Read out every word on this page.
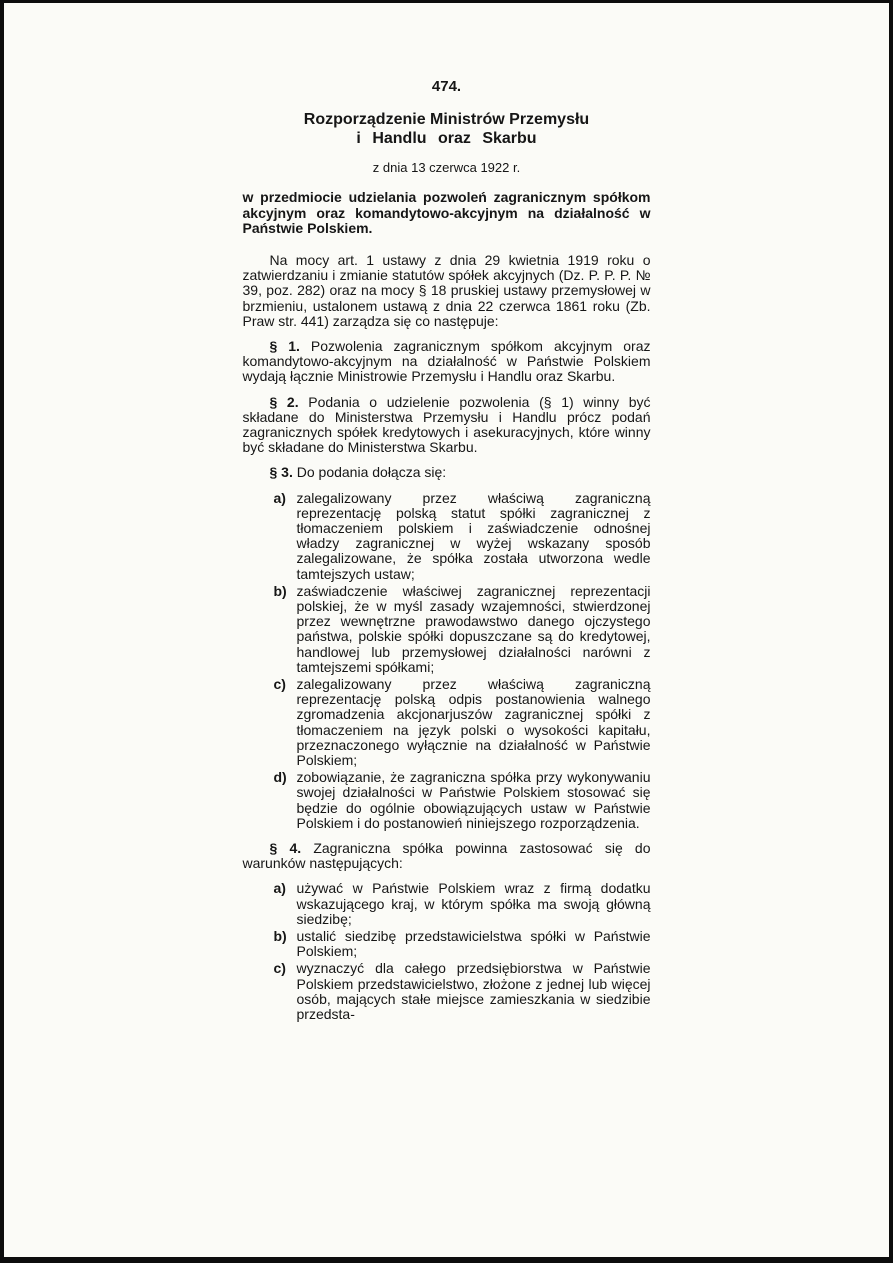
474.
Rozporządzenie Ministrów Przemysłu
i Handlu oraz Skarbu
z dnia 13 czerwca 1922 r.
w przedmiocie udzielania pozwoleń zagranicznym spółkom akcyjnym oraz komandytowo-akcyjnym na działalność w Państwie Polskiem.

Na mocy art. 1 ustawy z dnia 29 kwietnia 1919 roku o zatwierdzaniu i zmianie statutów spółek akcyjnych (Dz. P. P. P. № 39, poz. 282) oraz na mocy § 18 pruskiej ustawy przemysłowej w brzmieniu, ustalonem ustawą z dnia 22 czerwca 1861 roku (Zb. Praw str. 441) zarządza się co następuje:

§ 1. Pozwolenia zagranicznym spółkom akcyjnym oraz komandytowo-akcyjnym na działalność w Państwie Polskiem wydają łącznie Ministrowie Przemysłu i Handlu oraz Skarbu.

§ 2. Podania o udzielenie pozwolenia (§ 1) winny być składane do Ministerstwa Przemysłu i Handlu prócz podań zagranicznych spółek kredytowych i asekuracyjnych, które winny być składane do Ministerstwa Skarbu.

§ 3. Do podania dołącza się:

a) zalegalizowany przez właściwą zagraniczną reprezentację polską statut spółki zagranicznej z tłomaczeniem polskiem i zaświadczenie odnośnej władzy zagranicznej w wyżej wskazany sposób zalegalizowane, że spółka została utworzona wedle tamtejszych ustaw;
b) zaświadczenie właściwej zagranicznej reprezentacji polskiej, że w myśl zasady wzajemności, stwierdzonej przez wewnętrzne prawodawstwo danego ojczystego państwa, polskie spółki dopuszczane są do kredytowej, handlowej lub przemysłowej działalności narówni z tamtejszemi spółkami;
c) zalegalizowany przez właściwą zagraniczną reprezentację polską odpis postanowienia walnego zgromadzenia akcjonarjuszów zagranicznej spółki z tłomaczeniem na język polski o wysokości kapitału, przeznaczonego wyłącznie na działalność w Państwie Polskiem;
d) zobowiązanie, że zagraniczna spółka przy wykonywaniu swojej działalności w Państwie Polskiem stosować się będzie do ogólnie obowiązujących ustaw w Państwie Polskiem i do postanowień niniejszego rozporządzenia.

§ 4. Zagraniczna spółka powinna zastosować się do warunków następujących:

a) używać w Państwie Polskiem wraz z firmą dodatku wskazującego kraj, w którym spółka ma swoją główną siedzibę;
b) ustalić siedzibę przedstawicielstwa spółki w Państwie Polskiem;
c) wyznaczyć dla całego przedsiębiorstwa w Państwie Polskiem przedstawicielstwo, złożone z jednej lub więcej osób, mających stałe miejsce zamieszkania w siedzibie przedsta-
